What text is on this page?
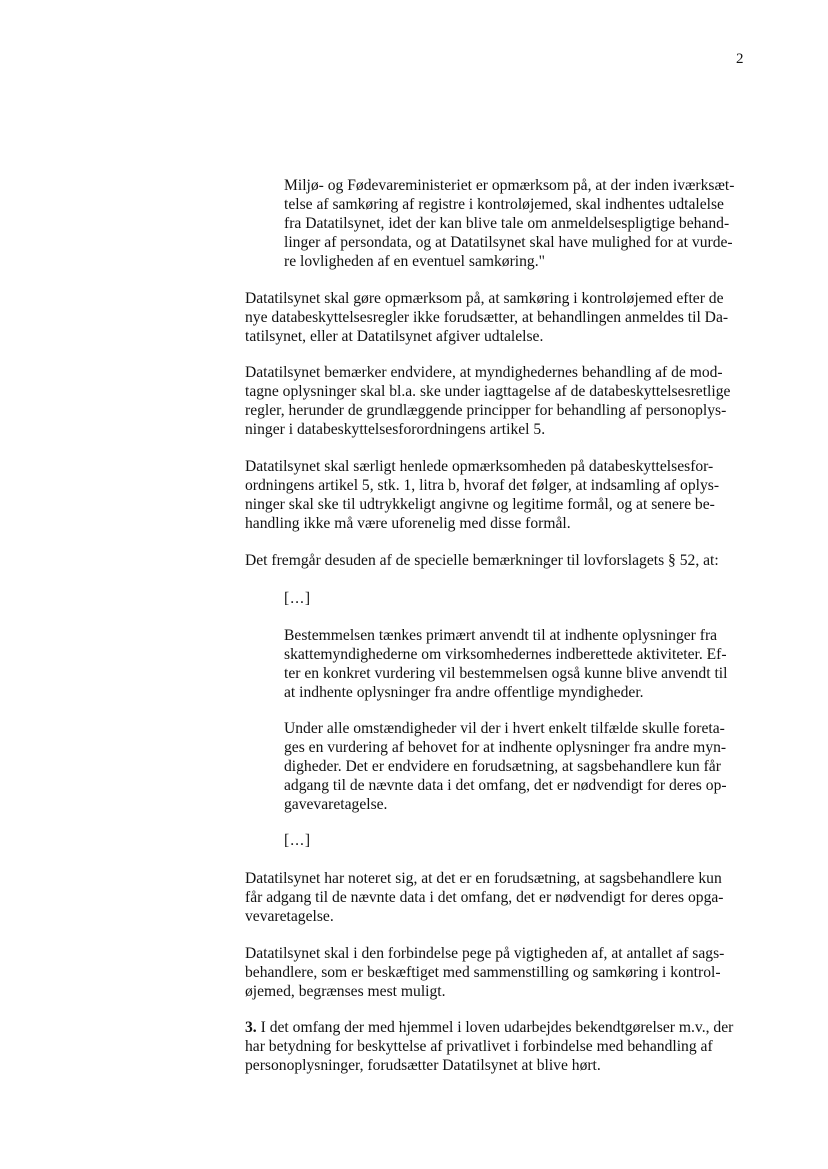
2

Miljø- og Fødevareministeriet er opmærksom på, at der inden iværksæt-
telse af samkøring af registre i kontroløjemed, skal indhentes udtalelse
fra Datatilsynet, idet der kan blive tale om anmeldelsespligtige behand-
linger af persondata, og at Datatilsynet skal have mulighed for at vurde-
re lovligheden af en eventuel samkøring."

Datatilsynet skal gøre opmærksom på, at samkøring i kontroløjemed efter de
nye databeskyttelsesregler ikke forudsætter, at behandlingen anmeldes til Da-
tatilsynet, eller at Datatilsynet afgiver udtalelse.

Datatilsynet bemærker endvidere, at myndighedernes behandling af de mod-
tagne oplysninger skal bl.a. ske under iagttagelse af de databeskyttelsesretlige
regler, herunder de grundlæggende principper for behandling af personoplys-
ninger i databeskyttelsesforordningens artikel 5.

Datatilsynet skal særligt henlede opmærksomheden på databeskyttelsesfor-
ordningens artikel 5, stk. 1, litra b, hvoraf det følger, at indsamling af oplys-
ninger skal ske til udtrykkeligt angivne og legitime formål, og at senere be-
handling ikke må være uforenelig med disse formål.

Det fremgår desuden af de specielle bemærkninger til lovforslagets § 52, at:

[...]

Bestemmelsen tænkes primært anvendt til at indhente oplysninger fra
skattemyndighederne om virksomhedernes indberettede aktiviteter. Ef-
ter en konkret vurdering vil bestemmelsen også kunne blive anvendt til
at indhente oplysninger fra andre offentlige myndigheder.

Under alle omstændigheder vil der i hvert enkelt tilfælde skulle foreta-
ges en vurdering af behovet for at indhente oplysninger fra andre myn-
digheder. Det er endvidere en forudsætning, at sagsbehandlere kun får
adgang til de nævnte data i det omfang, det er nødvendigt for deres op-
gavevaretagelse.

[...]

Datatilsynet har noteret sig, at det er en forudsætning, at sagsbehandlere kun
får adgang til de nævnte data i det omfang, det er nødvendigt for deres opga-
vevaretagelse.

Datatilsynet skal i den forbindelse pege på vigtigheden af, at antallet af sags-
behandlere, som er beskæftiget med sammenstilling og samkøring i kontrol-
øjemed, begrænses mest muligt.

3. I det omfang der med hjemmel i loven udarbejdes bekendtgørelser m.v., der
har betydning for beskyttelse af privatlivet i forbindelse med behandling af
personoplysninger, forudsætter Datatilsynet at blive hørt.
